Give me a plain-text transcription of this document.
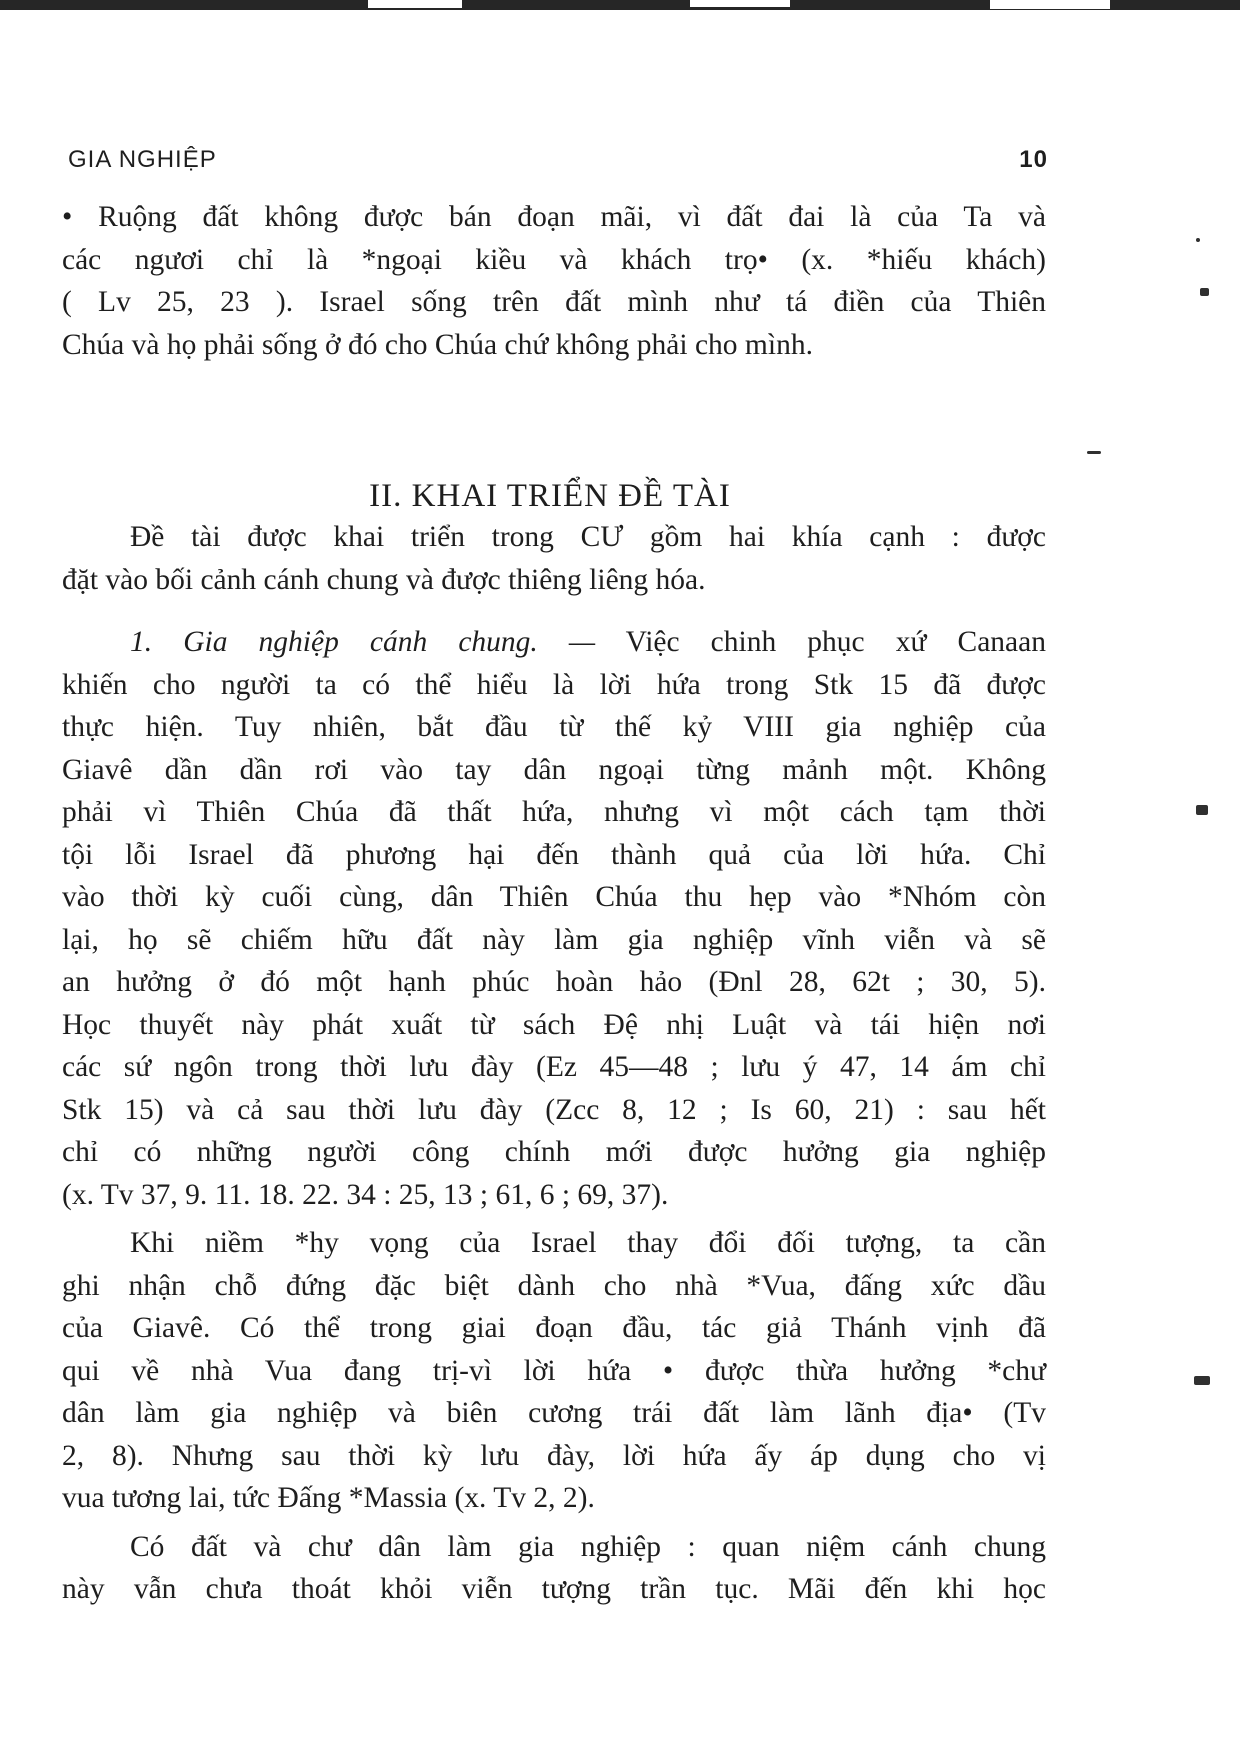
GIA NGHIỆP	10
• Ruộng đất không được bán đoạn mãi, vì đất đai là của Ta và
các ngươi chỉ là *ngoại kiều và khách trọ• (x. *hiếu khách)
( Lv 25, 23 ). Israel sống trên đất mình như tá điền của Thiên
Chúa và họ phải sống ở đó cho Chúa chứ không phải cho mình.
II. KHAI TRIỂN ĐỀ TÀI
Đề tài được khai triển trong CƯ gồm hai khía cạnh : được
đặt vào bối cảnh cánh chung và được thiêng liêng hóa.
1. Gia nghiệp cánh chung. — Việc chinh phục xứ Canaan
khiến cho người ta có thể hiểu là lời hứa trong Stk 15 đã được
thực hiện. Tuy nhiên, bắt đầu từ thế kỷ VIII gia nghiệp của
Giavê dần dần rơi vào tay dân ngoại từng mảnh một. Không
phải vì Thiên Chúa đã thất hứa, nhưng vì một cách tạm thời
tội lỗi Israel đã phương hại đến thành quả của lời hứa. Chỉ
vào thời kỳ cuối cùng, dân Thiên Chúa thu hẹp vào *Nhóm còn
lại, họ sẽ chiếm hữu đất này làm gia nghiệp vĩnh viễn và sẽ
an hưởng ở đó một hạnh phúc hoàn hảo (Đnl 28, 62t ; 30, 5).
Học thuyết này phát xuất từ sách Đệ nhị Luật và tái hiện nơi
các sứ ngôn trong thời lưu đày (Ez 45—48 ; lưu ý 47, 14 ám chỉ
Stk 15) và cả sau thời lưu đày (Zcc 8, 12 ; Is 60, 21) : sau hết
chỉ có những người công chính mới được hưởng gia nghiệp
(x. Tv 37, 9. 11. 18. 22. 34 : 25, 13 ; 61, 6 ; 69, 37).
Khi niềm *hy vọng của Israel thay đổi đối tượng, ta cần
ghi nhận chỗ đứng đặc biệt dành cho nhà *Vua, đấng xức dầu
của Giavê. Có thể trong giai đoạn đầu, tác giả Thánh vịnh đã
qui về nhà Vua đang trị-vì lời hứa • được thừa hưởng *chư
dân làm gia nghiệp và biên cương trái đất làm lãnh địa• (Tv
2, 8). Nhưng sau thời kỳ lưu đày, lời hứa ấy áp dụng cho vị
vua tương lai, tức Đấng *Massia (x. Tv 2, 2).
Có đất và chư dân làm gia nghiệp : quan niệm cánh chung
này vẫn chưa thoát khỏi viễn tượng trần tục. Mãi đến khi học
